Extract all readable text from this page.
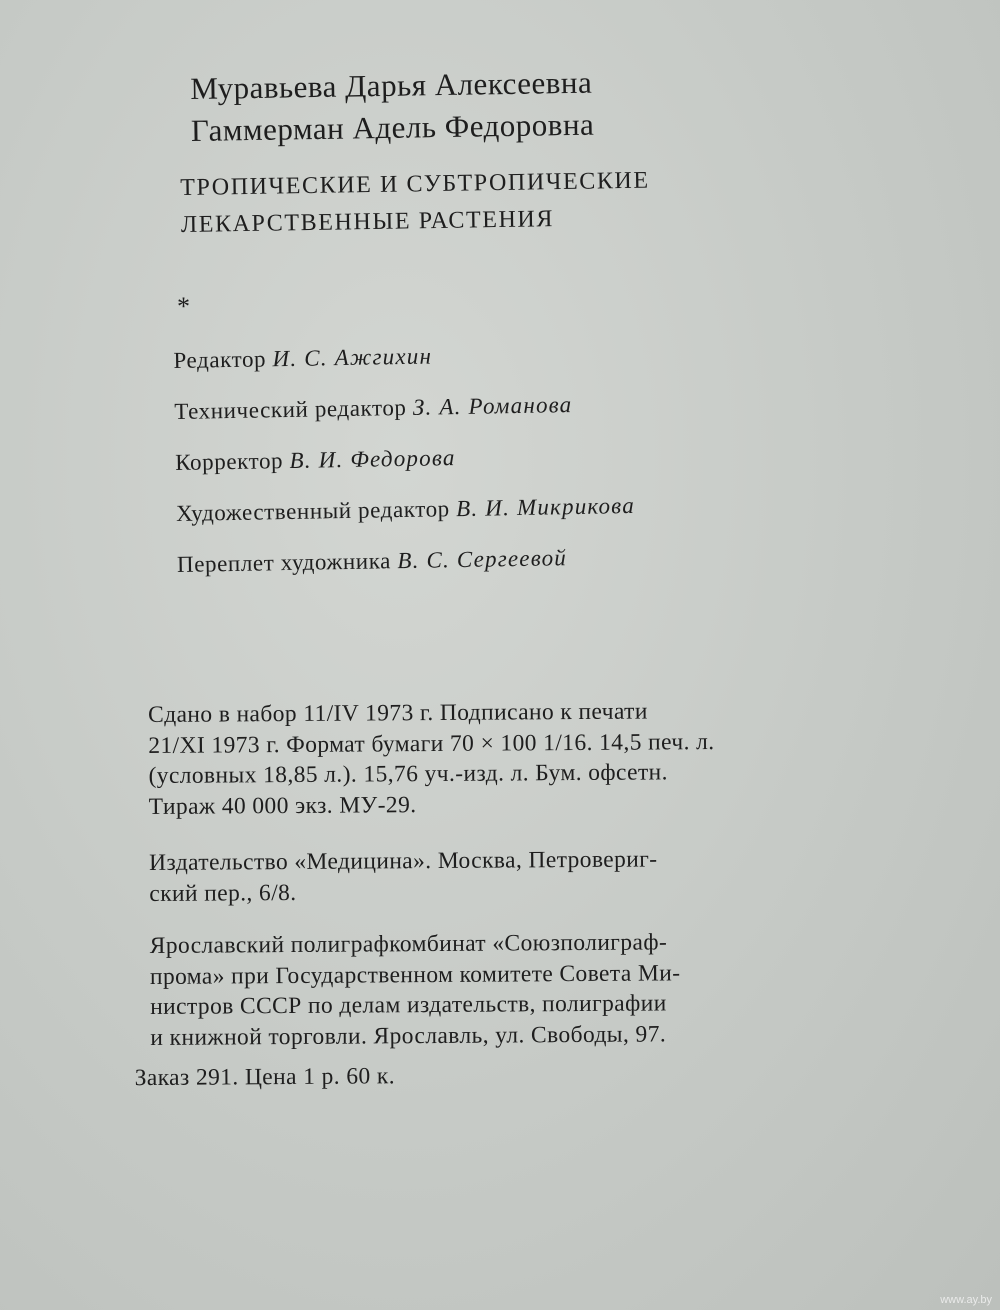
Муравьева Дарья Алексеевна
Гаммерман Адель Федоровна
ТРОПИЧЕСКИЕ И СУБТРОПИЧЕСКИЕ
ЛЕКАРСТВЕННЫЕ РАСТЕНИЯ
*
Редактор И. С. Ажгихин
Технический редактор З. А. Романова
Корректор В. И. Федорова
Художественный редактор В. И. Микрикова
Переплет художника В. С. Сергеевой
Сдано в набор 11/IV 1973 г. Подписано к печати
21/XI 1973 г. Формат бумаги 70 × 100 1/16. 14,5 печ. л.
(условных 18,85 л.). 15,76 уч.-изд. л. Бум. офсетн.
Тираж 40 000 экз. МУ-29.
Издательство «Медицина». Москва, Петровериг-
ский пер., 6/8.
Ярославский полиграфкомбинат «Союзполиграф-
прома» при Государственном комитете Совета Ми-
нистров СССР по делам издательств, полиграфии
и книжной торговли. Ярославль, ул. Свободы, 97.
Заказ 291. Цена 1 р. 60 к.
www.ay.by
